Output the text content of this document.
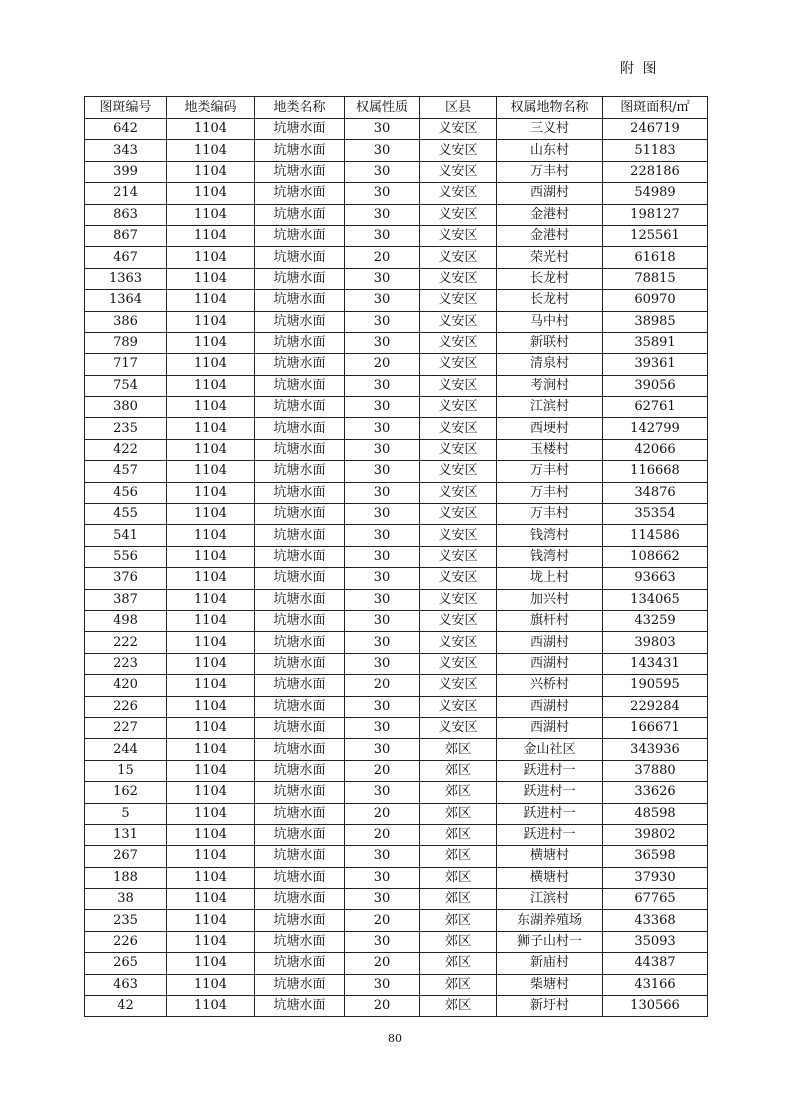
附 图
图斑编号	地类编码	地类名称	权属性质	区县	权属地物名称	图斑面积/㎡
642	1104	坑塘水面	30	义安区	三义村	246719
343	1104	坑塘水面	30	义安区	山东村	51183
399	1104	坑塘水面	30	义安区	万丰村	228186
214	1104	坑塘水面	30	义安区	西湖村	54989
863	1104	坑塘水面	30	义安区	金港村	198127
867	1104	坑塘水面	30	义安区	金港村	125561
467	1104	坑塘水面	20	义安区	荣光村	61618
1363	1104	坑塘水面	30	义安区	长龙村	78815
1364	1104	坑塘水面	30	义安区	长龙村	60970
386	1104	坑塘水面	30	义安区	马中村	38985
789	1104	坑塘水面	30	义安区	新联村	35891
717	1104	坑塘水面	20	义安区	清泉村	39361
754	1104	坑塘水面	30	义安区	考涧村	39056
380	1104	坑塘水面	30	义安区	江滨村	62761
235	1104	坑塘水面	30	义安区	西埂村	142799
422	1104	坑塘水面	30	义安区	玉楼村	42066
457	1104	坑塘水面	30	义安区	万丰村	116668
456	1104	坑塘水面	30	义安区	万丰村	34876
455	1104	坑塘水面	30	义安区	万丰村	35354
541	1104	坑塘水面	30	义安区	钱湾村	114586
556	1104	坑塘水面	30	义安区	钱湾村	108662
376	1104	坑塘水面	30	义安区	垅上村	93663
387	1104	坑塘水面	30	义安区	加兴村	134065
498	1104	坑塘水面	30	义安区	旗杆村	43259
222	1104	坑塘水面	30	义安区	西湖村	39803
223	1104	坑塘水面	30	义安区	西湖村	143431
420	1104	坑塘水面	20	义安区	兴桥村	190595
226	1104	坑塘水面	30	义安区	西湖村	229284
227	1104	坑塘水面	30	义安区	西湖村	166671
244	1104	坑塘水面	30	郊区	金山社区	343936
15	1104	坑塘水面	20	郊区	跃进村一	37880
162	1104	坑塘水面	30	郊区	跃进村一	33626
5	1104	坑塘水面	20	郊区	跃进村一	48598
131	1104	坑塘水面	20	郊区	跃进村一	39802
267	1104	坑塘水面	30	郊区	横塘村	36598
188	1104	坑塘水面	30	郊区	横塘村	37930
38	1104	坑塘水面	30	郊区	江滨村	67765
235	1104	坑塘水面	20	郊区	东湖养殖场	43368
226	1104	坑塘水面	30	郊区	狮子山村一	35093
265	1104	坑塘水面	20	郊区	新庙村	44387
463	1104	坑塘水面	30	郊区	柴塘村	43166
42	1104	坑塘水面	20	郊区	新圩村	130566
80
